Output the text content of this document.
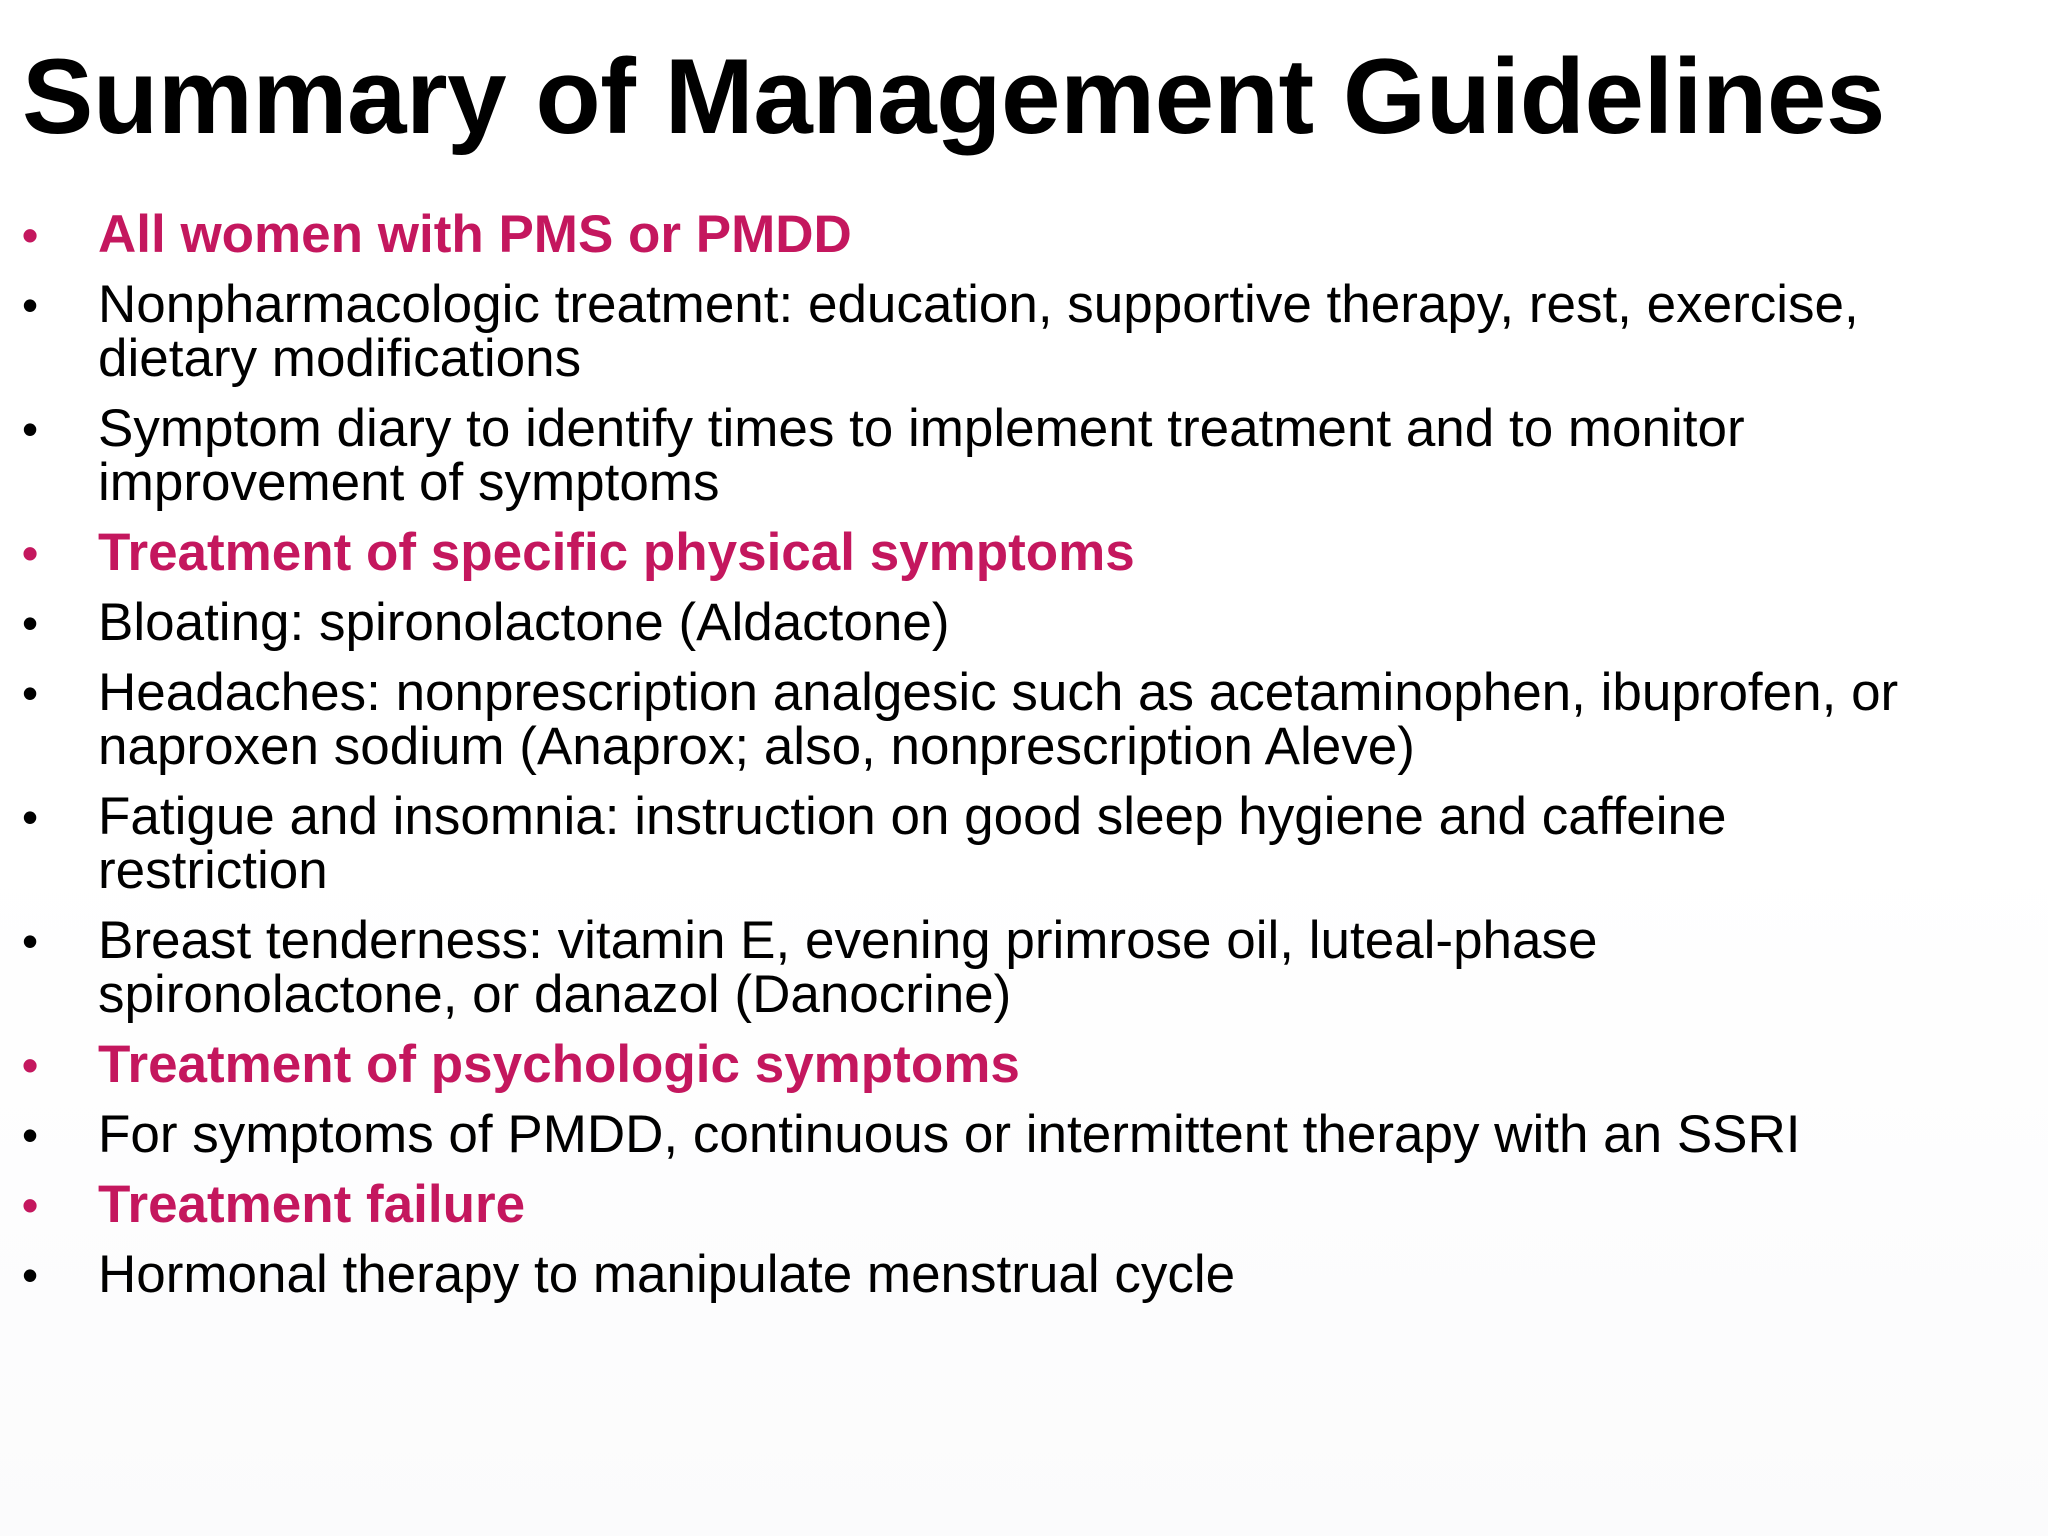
Summary of Management Guidelines
• All women with PMS or PMDD
• Nonpharmacologic treatment: education, supportive therapy, rest, exercise, dietary modifications
• Symptom diary to identify times to implement treatment and to monitor improvement of symptoms
• Treatment of specific physical symptoms
• Bloating: spironolactone (Aldactone)
• Headaches: nonprescription analgesic such as acetaminophen, ibuprofen, or naproxen sodium (Anaprox; also, nonprescription Aleve)
• Fatigue and insomnia: instruction on good sleep hygiene and caffeine restriction
• Breast tenderness: vitamin E, evening primrose oil, luteal-phase spironolactone, or danazol (Danocrine)
• Treatment of psychologic symptoms
• For symptoms of PMDD, continuous or intermittent therapy with an SSRI
• Treatment failure
• Hormonal therapy to manipulate menstrual cycle
